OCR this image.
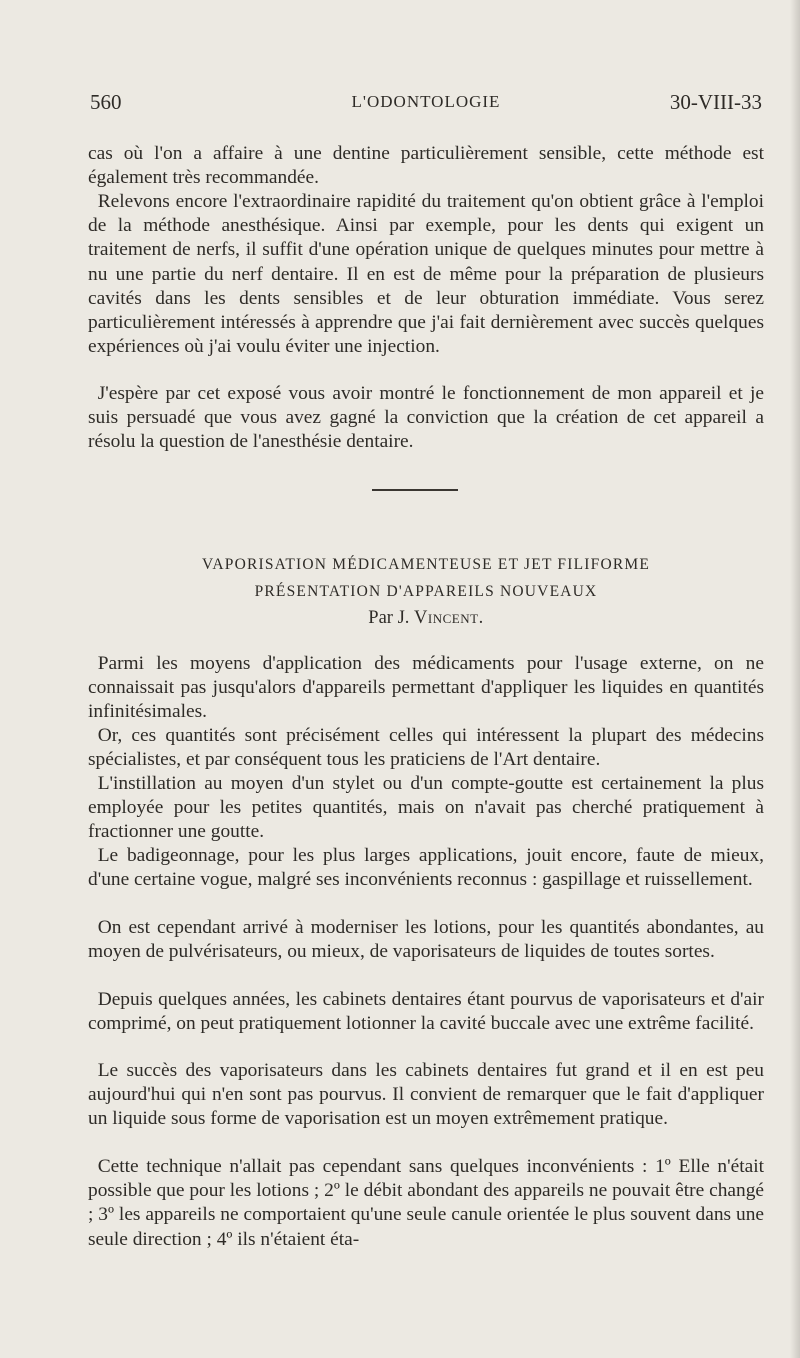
560	L'ODONTOLOGIE	30-VIII-33

cas où l'on a affaire à une dentine particulièrement sensible, cette méthode est également très recommandée.

Relevons encore l'extraordinaire rapidité du traitement qu'on obtient grâce à l'emploi de la méthode anesthésique. Ainsi par exemple, pour les dents qui exigent un traitement de nerfs, il suffit d'une opération unique de quelques minutes pour mettre à nu une partie du nerf dentaire. Il en est de même pour la préparation de plusieurs cavités dans les dents sensibles et de leur obturation immédiate. Vous serez particulièrement intéressés à apprendre que j'ai fait dernièrement avec succès quelques expériences où j'ai voulu éviter une injection.

J'espère par cet exposé vous avoir montré le fonctionnement de mon appareil et je suis persuadé que vous avez gagné la conviction que la création de cet appareil a résolu la question de l'anesthésie dentaire.

VAPORISATION MÉDICAMENTEUSE ET JET FILIFORME

PRÉSENTATION D'APPAREILS NOUVEAUX

Par J. Vincent.

Parmi les moyens d'application des médicaments pour l'usage externe, on ne connaissait pas jusqu'alors d'appareils permettant d'appliquer les liquides en quantités infinitésimales.

Or, ces quantités sont précisément celles qui intéressent la plupart des médecins spécialistes, et par conséquent tous les praticiens de l'Art dentaire.

L'instillation au moyen d'un stylet ou d'un compte-goutte est certainement la plus employée pour les petites quantités, mais on n'avait pas cherché pratiquement à fractionner une goutte.

Le badigeonnage, pour les plus larges applications, jouit encore, faute de mieux, d'une certaine vogue, malgré ses inconvénients reconnus : gaspillage et ruissellement.

On est cependant arrivé à moderniser les lotions, pour les quantités abondantes, au moyen de pulvérisateurs, ou mieux, de vaporisateurs de liquides de toutes sortes.

Depuis quelques années, les cabinets dentaires étant pourvus de vaporisateurs et d'air comprimé, on peut pratiquement lotionner la cavité buccale avec une extrême facilité.

Le succès des vaporisateurs dans les cabinets dentaires fut grand et il en est peu aujourd'hui qui n'en sont pas pourvus. Il convient de remarquer que le fait d'appliquer un liquide sous forme de vaporisation est un moyen extrêmement pratique.

Cette technique n'allait pas cependant sans quelques inconvénients : 1º Elle n'était possible que pour les lotions ; 2º le débit abondant des appareils ne pouvait être changé ; 3º les appareils ne comportaient qu'une seule canule orientée le plus souvent dans une seule direction ; 4º ils n'étaient éta-
